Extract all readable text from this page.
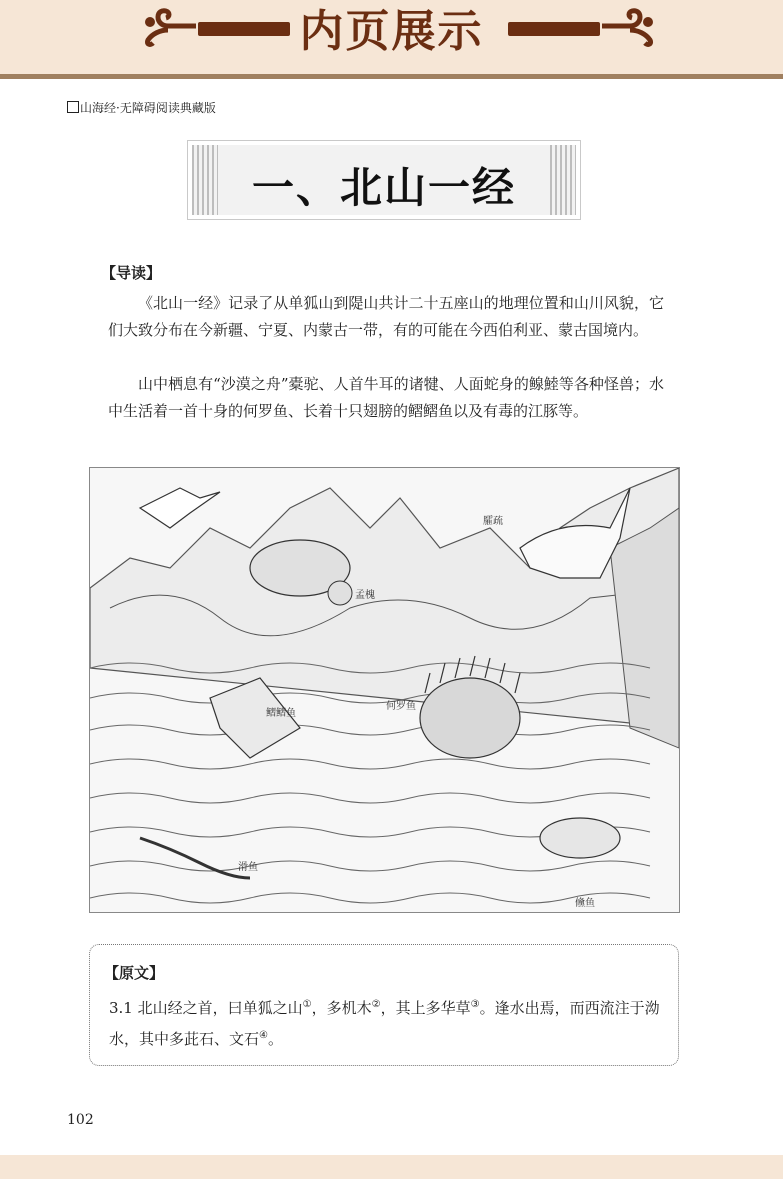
内页展示
山海经·无障碍阅读典藏版
一、北山一经
【导读】

《北山一经》记录了从单狐山到隄山共计二十五座山的地理位置和山川风貌，它们大致分布在今新疆、宁夏、内蒙古一带，有的可能在今西伯利亚、蒙古国境内。

山中栖息有“沙漠之舟”橐驼、人首牛耳的诸犍、人面蛇身的鳈鯥等各种怪兽；水中生活着一首十身的何罗鱼、长着十只翅膀的鳛鳛鱼以及有毒的江豚等。

臛疏
孟槐
何罗鱼
鳛鳛鱼
滑鱼
儵鱼
【原文】

3.1 北山经之首，曰单狐之山①，多机木②，其上多华草③。逢水出焉，而西流注于泑水，其中多茈石、文石④。

102
